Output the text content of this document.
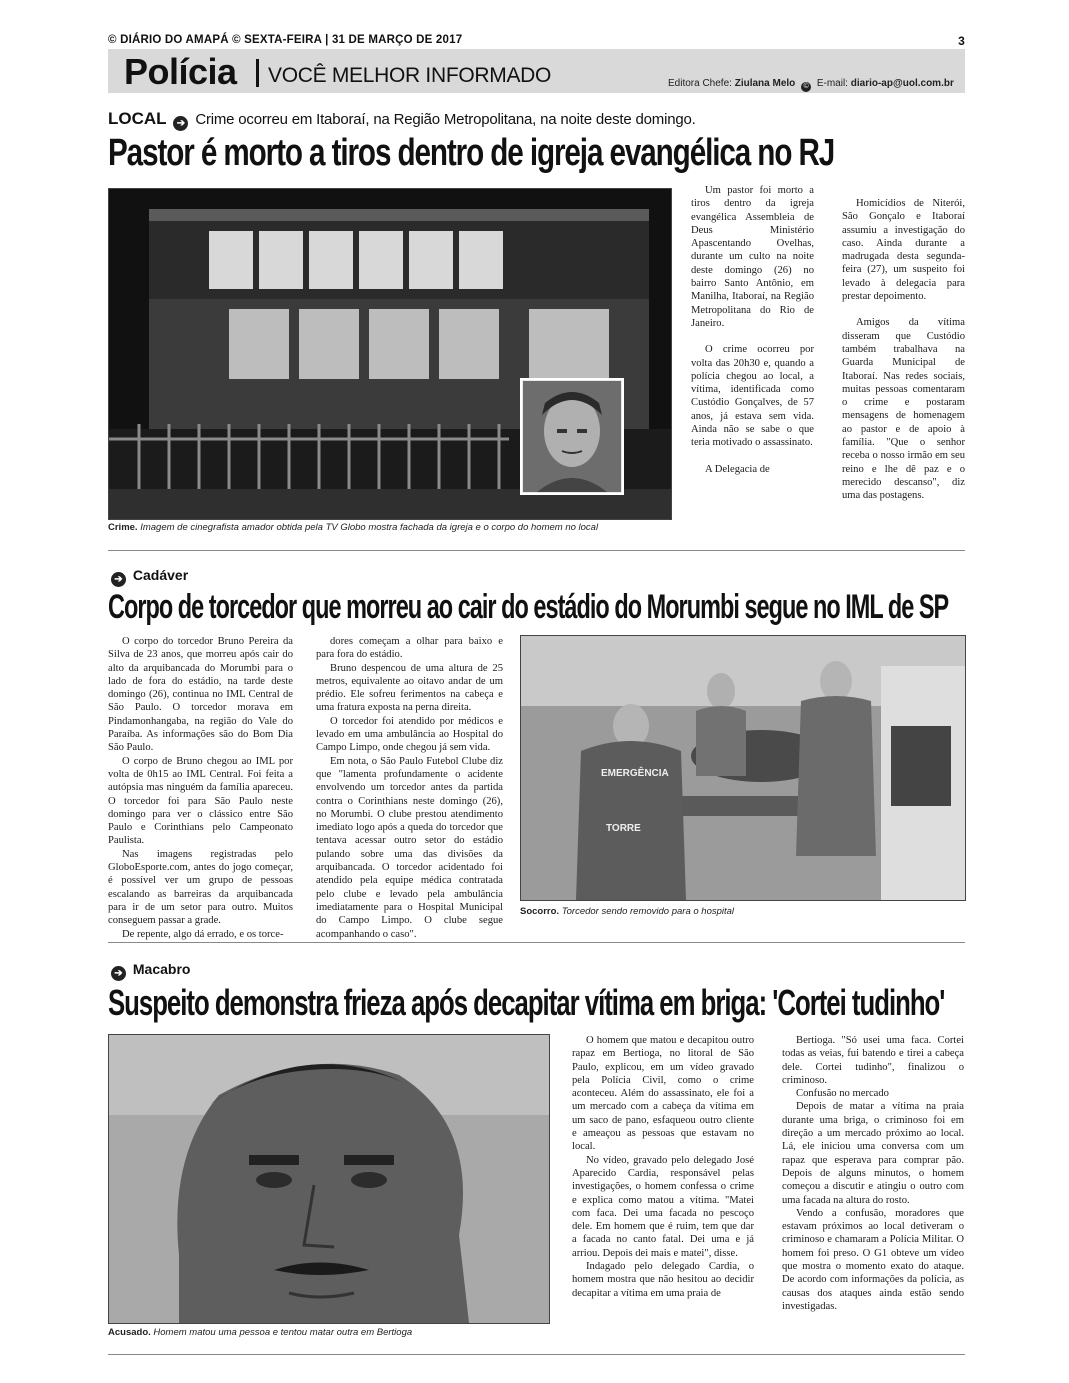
© DIÁRIO DO AMAPÁ © SEXTA-FEIRA | 31 DE MARÇO DE 2017	3
Polícia VOCÊ MELHOR INFORMADO	Editora Chefe: Ziulana Melo © E-mail: diario-ap@uol.com.br
LOCAL ➔ Crime ocorreu em Itaboraí, na Região Metropolitana, na noite deste domingo.
Pastor é morto a tiros dentro de igreja evangélica no RJ
Crime. Imagem de cinegrafista amador obtida pela TV Globo mostra fachada da igreja e o corpo do homem no local

Um pastor foi morto a tiros dentro da igreja evangélica Assembleia de Deus Ministério Apascentando Ovelhas, durante um culto na noite deste domingo (26) no bairro Santo Antônio, em Manilha, Itaboraí, na Região Metropolitana do Rio de Janeiro.

O crime ocorreu por volta das 20h30 e, quando a polícia chegou ao local, a vítima, identificada como Custódio Gonçalves, de 57 anos, já estava sem vida. Ainda não se sabe o que teria motivado o assassinato.

A Delegacia de

Homicídios de Niterói, São Gonçalo e Itaboraí assumiu a investigação do caso. Ainda durante a madrugada desta segunda-feira (27), um suspeito foi levado à delegacia para prestar depoimento.

Amigos da vítima disseram que Custódio também trabalhava na Guarda Municipal de Itaboraí. Nas redes sociais, muitas pessoas comentaram o crime e postaram mensagens de homenagem ao pastor e de apoio à família. "Que o senhor receba o nosso irmão em seu reino e lhe dê paz e o merecido descanso", diz uma das postagens.

➔ Cadáver
Corpo de torcedor que morreu ao cair do estádio do Morumbi segue no IML de SP

O corpo do torcedor Bruno Pereira da Silva de 23 anos, que morreu após cair do alto da arquibancada do Morumbi para o lado de fora do estádio, na tarde deste domingo (26), continua no IML Central de São Paulo. O torcedor morava em Pindamonhangaba, na região do Vale do Paraíba. As informações são do Bom Dia São Paulo.

O corpo de Bruno chegou ao IML por volta de 0h15 ao IML Central. Foi feita a autópsia mas ninguém da família apareceu. O torcedor foi para São Paulo neste domingo para ver o clássico entre São Paulo e Corinthians pelo Campeonato Paulista.

Nas imagens registradas pelo GloboEsporte.com, antes do jogo começar, é possível ver um grupo de pessoas escalando as barreiras da arquibancada para ir de um setor para outro. Muitos conseguem passar a grade.

De repente, algo dá errado, e os torce-

dores começam a olhar para baixo e para fora do estádio.

Bruno despencou de uma altura de 25 metros, equivalente ao oitavo andar de um prédio. Ele sofreu ferimentos na cabeça e uma fratura exposta na perna direita.

O torcedor foi atendido por médicos e levado em uma ambulância ao Hospital do Campo Limpo, onde chegou já sem vida.

Em nota, o São Paulo Futebol Clube diz que "lamenta profundamente o acidente envolvendo um torcedor antes da partida contra o Corinthians neste domingo (26), no Morumbi. O clube prestou atendimento imediato logo após a queda do torcedor que tentava acessar outro setor do estádio pulando sobre uma das divisões da arquibancada. O torcedor acidentado foi atendido pela equipe médica contratada pelo clube e levado pela ambulância imediatamente para o Hospital Municipal do Campo Limpo. O clube segue acompanhando o caso".

EMERGÊNCIA
TORRE
Socorro. Torcedor sendo removido para o hospital
➔ Macabro
Suspeito demonstra frieza após decapitar vítima em briga: 'Cortei tudinho'
Acusado. Homem matou uma pessoa e tentou matar outra em Bertioga

O homem que matou e decapitou outro rapaz em Bertioga, no litoral de São Paulo, explicou, em um vídeo gravado pela Polícia Civil, como o crime aconteceu. Além do assassinato, ele foi a um mercado com a cabeça da vítima em um saco de pano, esfaqueou outro cliente e ameaçou as pessoas que estavam no local.

No vídeo, gravado pelo delegado José Aparecido Cardia, responsável pelas investigações, o homem confessa o crime e explica como matou a vítima. "Matei com faca. Dei uma facada no pescoço dele. Em homem que é ruim, tem que dar a facada no canto fatal. Dei uma e já arriou. Depois dei mais e matei", disse.

Indagado pelo delegado Cardia, o homem mostra que não hesitou ao decidir decapitar a vítima em uma praia de

Bertioga. "Só usei uma faca. Cortei todas as veias, fui batendo e tirei a cabeça dele. Cortei tudinho", finalizou o criminoso.

Confusão no mercado

Depois de matar a vítima na praia durante uma briga, o criminoso foi em direção a um mercado próximo ao local. Lá, ele iniciou uma conversa com um rapaz que esperava para comprar pão. Depois de alguns minutos, o homem começou a discutir e atingiu o outro com uma facada na altura do rosto.

Vendo a confusão, moradores que estavam próximos ao local detiveram o criminoso e chamaram a Polícia Militar. O homem foi preso. O G1 obteve um vídeo que mostra o momento exato do ataque. De acordo com informações da polícia, as causas dos ataques ainda estão sendo investigadas.
